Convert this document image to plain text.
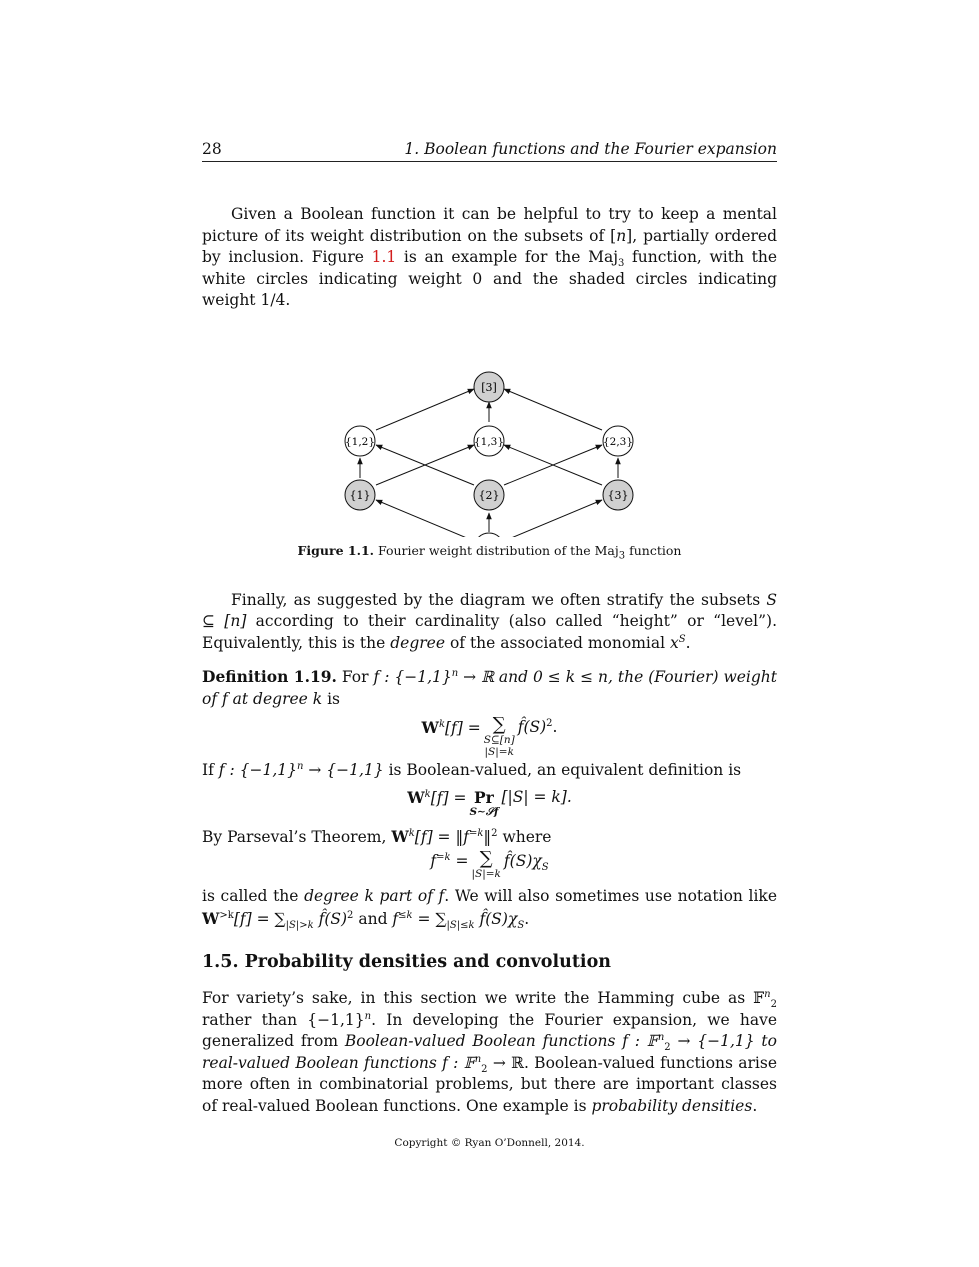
28	1. Boolean functions and the Fourier expansion

Given a Boolean function it can be helpful to try to keep a mental picture of its weight distribution on the subsets of [n], partially ordered by inclusion. Figure 1.1 is an example for the Maj$_3$ function, with the white circles indicating weight 0 and the shaded circles indicating weight 1/4.

[3]
{1,2}	{1,3}	{2,3}
{1}	{2}	{3}
Figure 1.1. Fourier weight distribution of the Maj$_3$ function

Finally, as suggested by the diagram we often stratify the subsets S ⊆ [n] according to their cardinality (also called “height” or “level”). Equivalently, this is the degree of the associated monomial $x^S$.

Definition 1.19. For f : $\{-1,1\}^n$ → ℝ and 0 ≤ k ≤ n, the (Fourier) weight of f at degree k is

$W^k[f]$ = ∑
S⊆[n]
|S|=k
$f̂(S)^2$.

If f : $\{-1,1\}^n \to \{-1,1\}$ is Boolean-valued, an equivalent definition is

$W^k[f] = Pr$
S∼𝒮f
[|S| = k].

By Parseval’s Theorem, $W^k[f]$ = $‖f^{=k}‖^2$ where

$f^{=k}$ = ∑
|S|=k
$f̂(S)\chi_S$

is called the degree k part of f. We will also sometimes use notation like $W^{>k}[f] = \sum_{|S|>k}$ $f̂(S)^2$ and $f^{\le k} = \sum_{|S|\le k}$ $f̂(S)\chi_S$.

1.5. Probability densities and convolution

For variety’s sake, in this section we write the Hamming cube as 𝔽$^n_2$ rather than $\{-1,1\}^n$. In developing the Fourier expansion, we have generalized from Boolean-valued Boolean functions f : 𝔽$^n_2$ → {−1,1} to real-valued Boolean functions f : 𝔽$^n_2$ → ℝ. Boolean-valued functions arise more often in combinatorial problems, but there are important classes of real-valued Boolean functions. One example is probability densities.

Copyright © Ryan O’Donnell, 2014.
